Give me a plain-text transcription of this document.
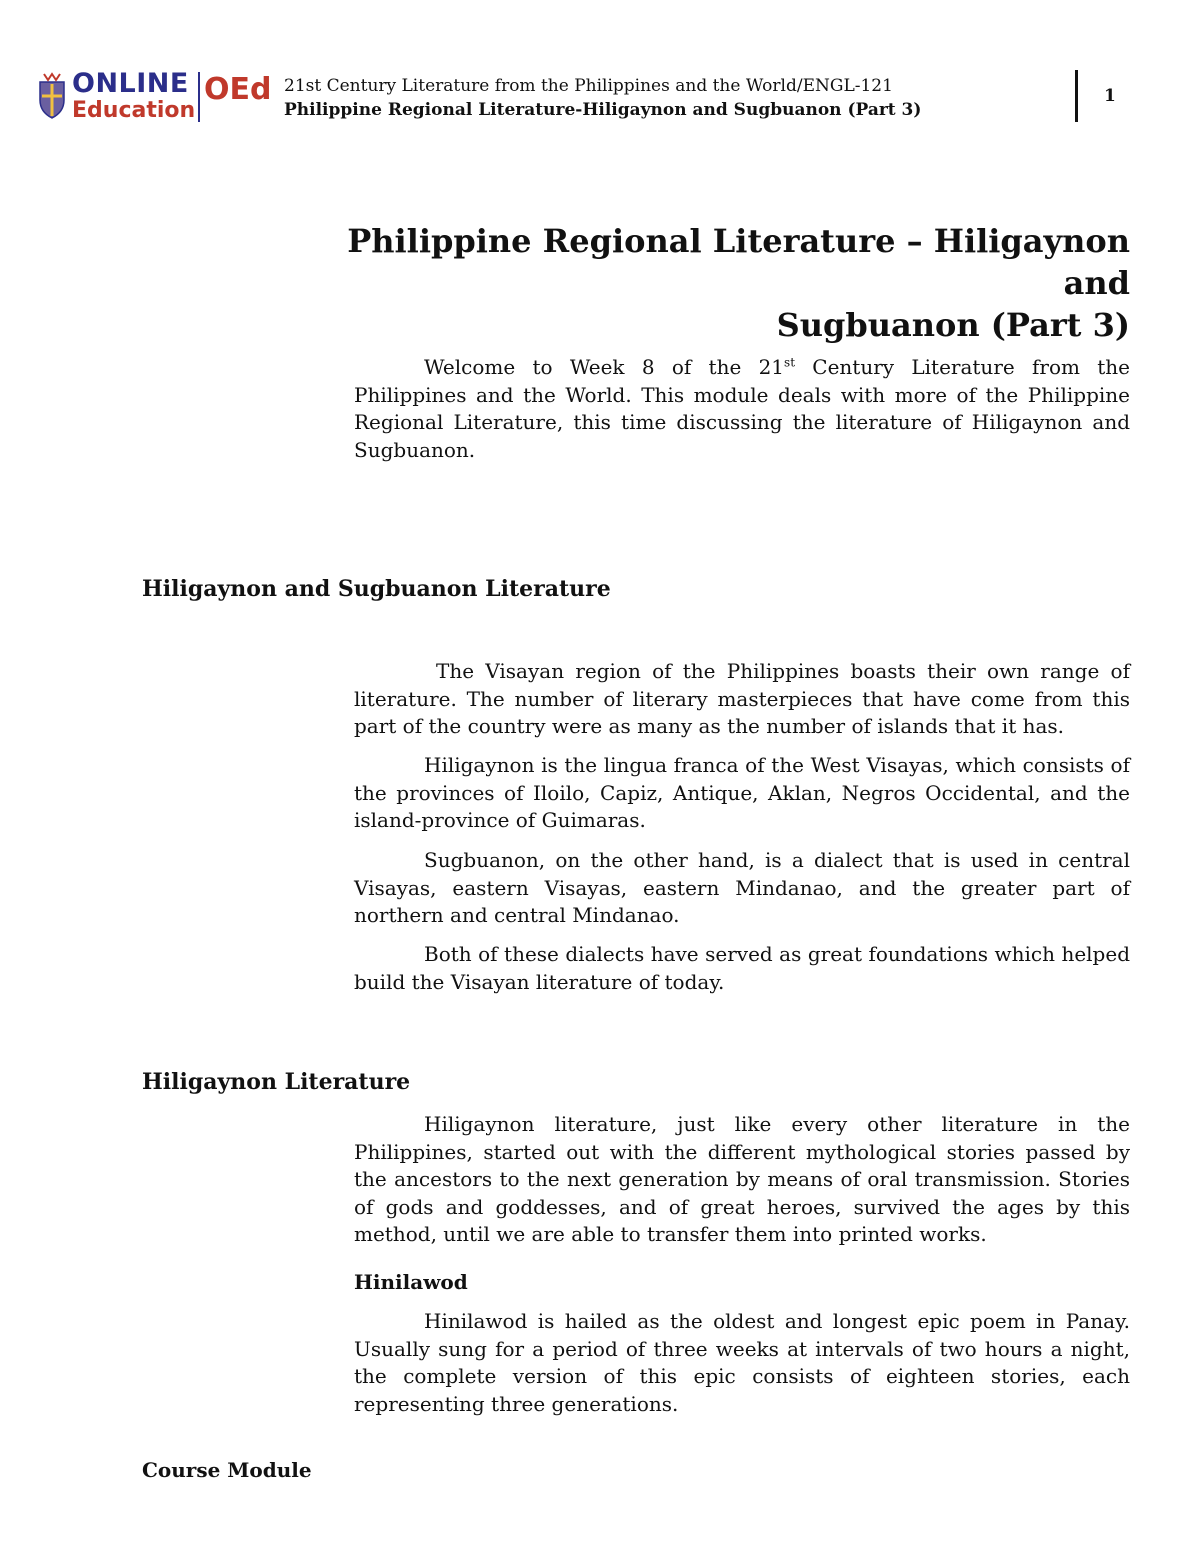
ONLINE
Education
OEd 21st Century Literature from the Philippines and the World/ENGL-121
Philippine Regional Literature-Hiligaynon and Sugbuanon (Part 3)
1
Philippine Regional Literature – Hiligaynon and
Sugbuanon (Part 3)

Welcome to Week 8 of the 21st Century Literature from the Philippines and the World. This module deals with more of the Philippine Regional Literature, this time discussing the literature of Hiligaynon and Sugbuanon.

Hiligaynon and Sugbuanon Literature

The Visayan region of the Philippines boasts their own range of literature. The number of literary masterpieces that have come from this part of the country were as many as the number of islands that it has.

Hiligaynon is the lingua franca of the West Visayas, which consists of the provinces of Iloilo, Capiz, Antique, Aklan, Negros Occidental, and the island-province of Guimaras.

Sugbuanon, on the other hand, is a dialect that is used in central Visayas, eastern Visayas, eastern Mindanao, and the greater part of northern and central Mindanao.

Both of these dialects have served as great foundations which helped build the Visayan literature of today.

Hiligaynon Literature

Hiligaynon literature, just like every other literature in the Philippines, started out with the different mythological stories passed by the ancestors to the next generation by means of oral transmission. Stories of gods and goddesses, and of great heroes, survived the ages by this method, until we are able to transfer them into printed works.

Hinilawod

Hinilawod is hailed as the oldest and longest epic poem in Panay. Usually sung for a period of three weeks at intervals of two hours a night, the complete version of this epic consists of eighteen stories, each representing three generations.

Course Module
